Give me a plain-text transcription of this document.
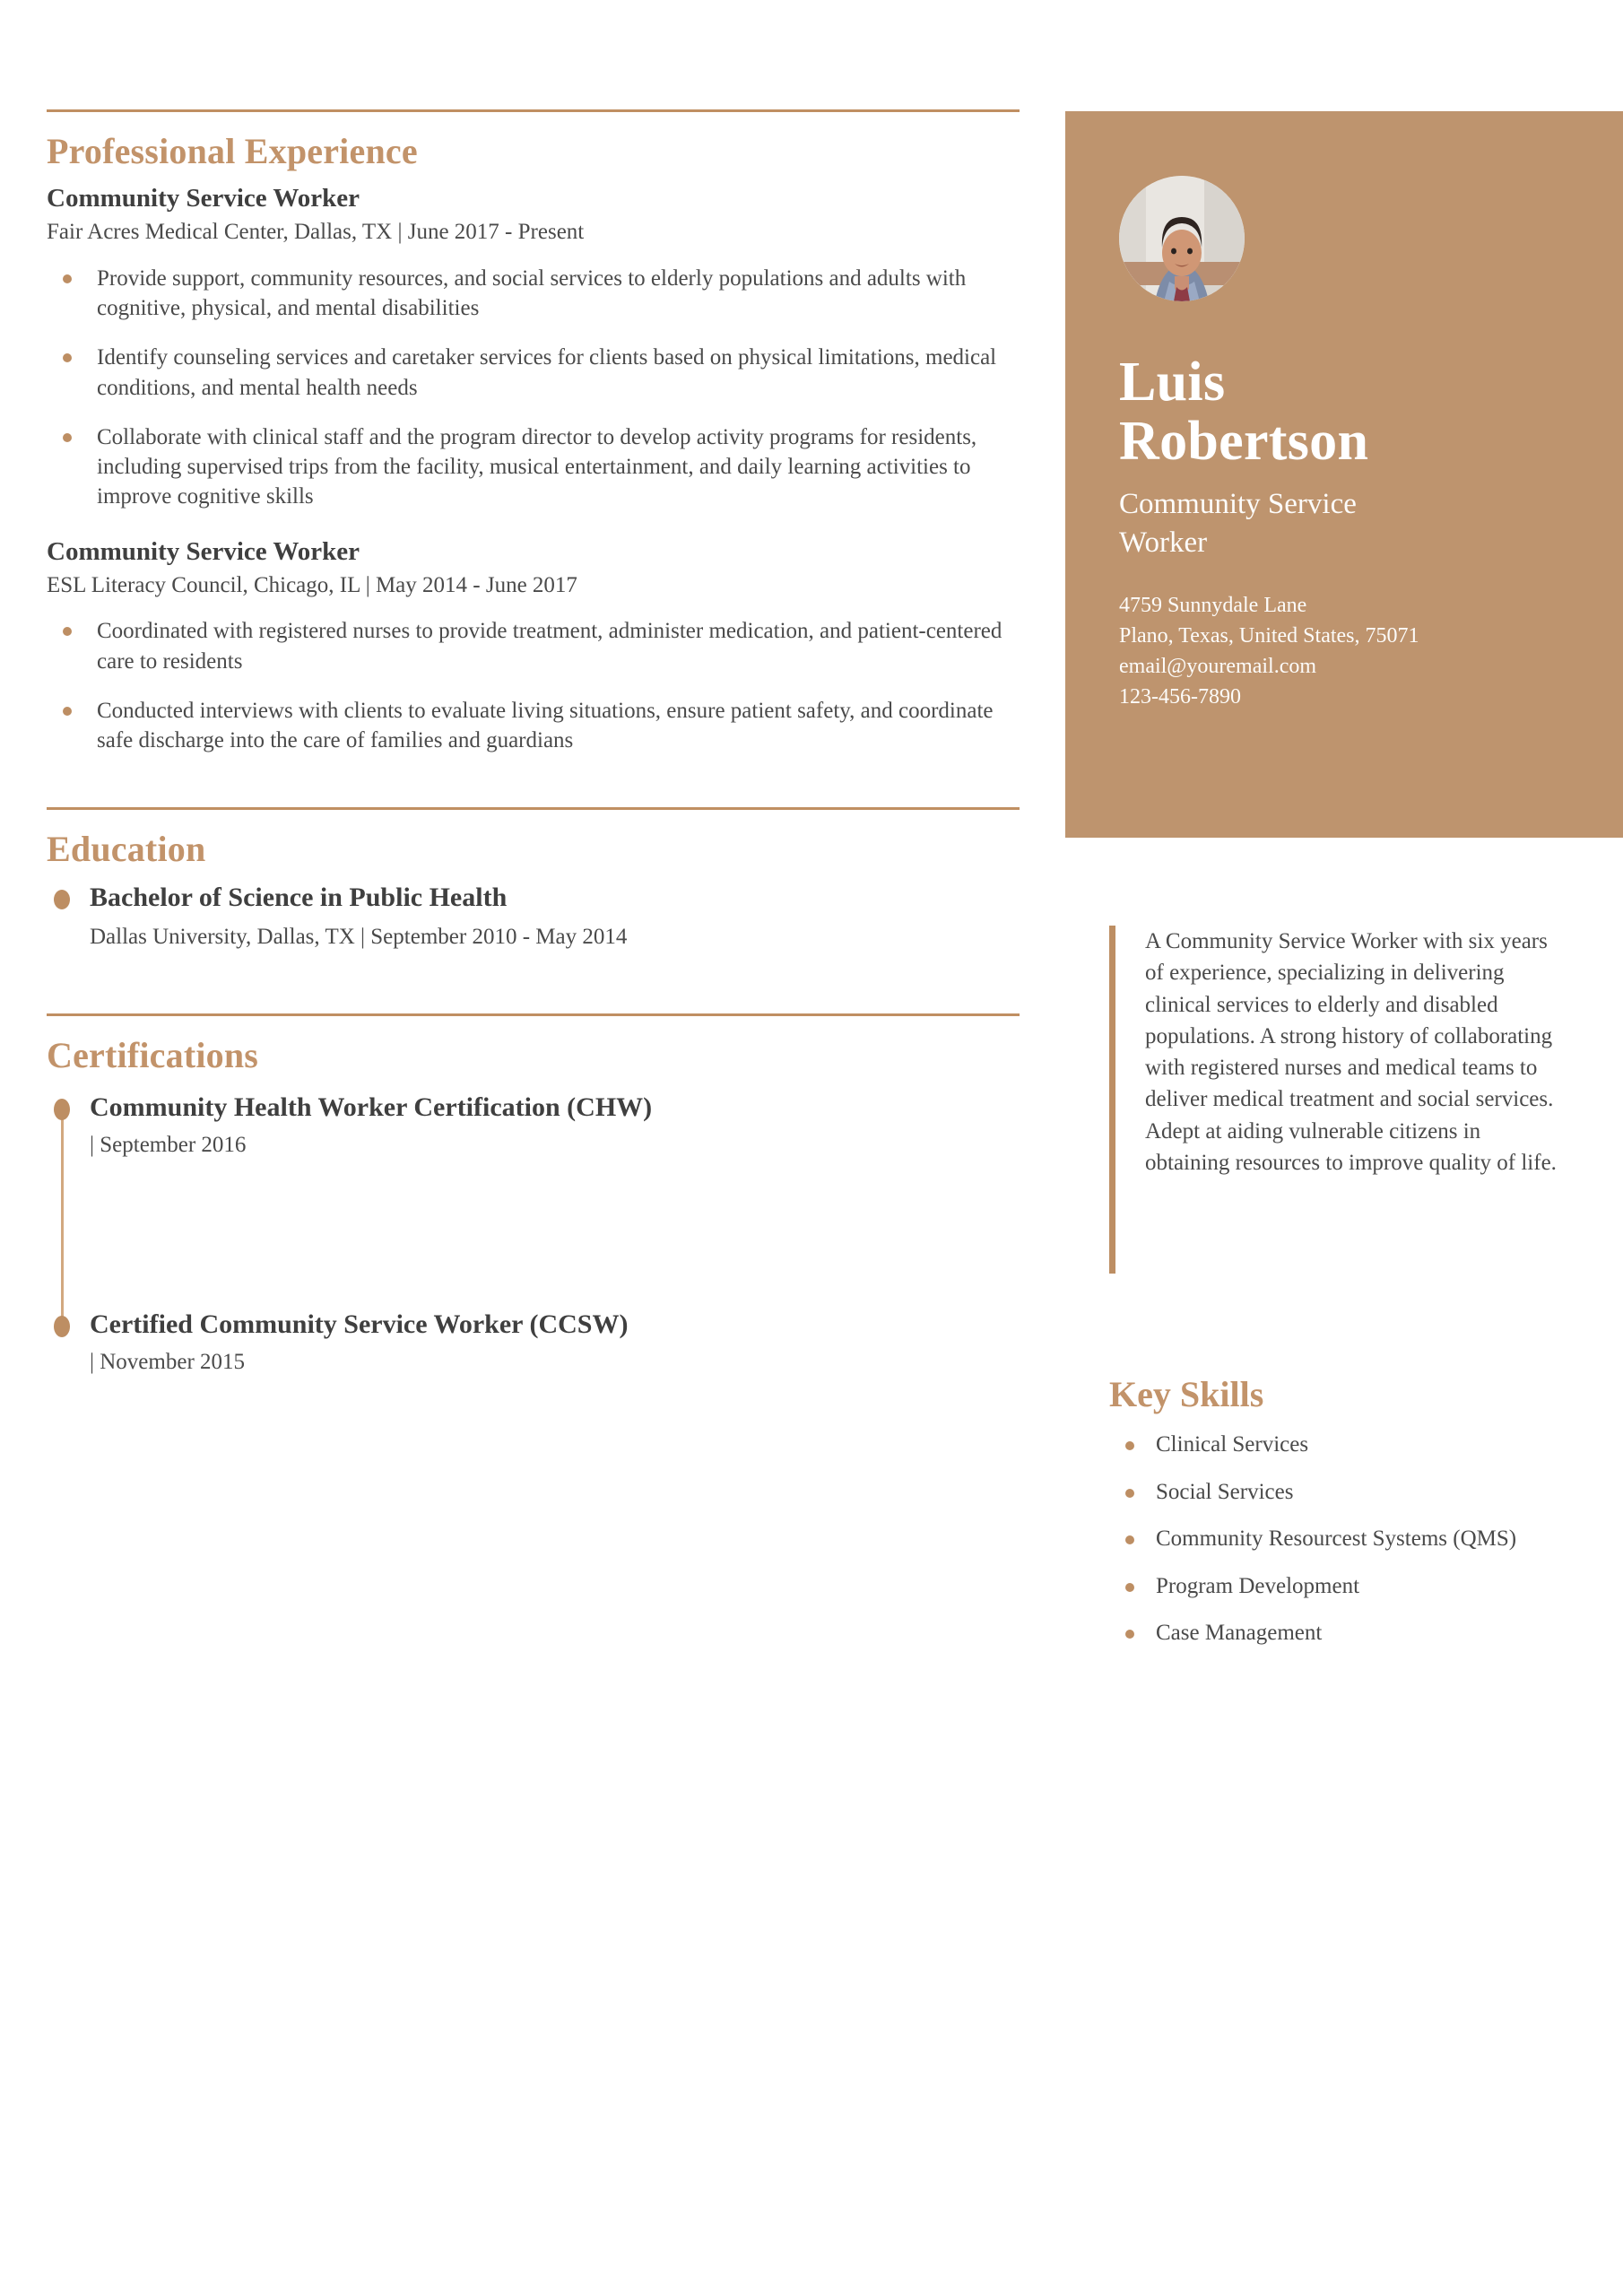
Professional Experience
Community Service Worker
Fair Acres Medical Center, Dallas, TX | June 2017 - Present
Provide support, community resources, and social services to elderly populations and adults with cognitive, physical, and mental disabilities
Identify counseling services and caretaker services for clients based on physical limitations, medical conditions, and mental health needs
Collaborate with clinical staff and the program director to develop activity programs for residents, including supervised trips from the facility, musical entertainment, and daily learning activities to improve cognitive skills
Community Service Worker
ESL Literacy Council, Chicago, IL | May 2014 - June 2017
Coordinated with registered nurses to provide treatment, administer medication, and patient-centered care to residents
Conducted interviews with clients to evaluate living situations, ensure patient safety, and coordinate safe discharge into the care of families and guardians
Education
Bachelor of Science in Public Health
Dallas University, Dallas, TX | September 2010 - May 2014
Certifications
Community Health Worker Certification (CHW)
| September 2016
Certified Community Service Worker (CCSW)
| November 2015
Luis
Robertson
Community Service
Worker
4759 Sunnydale Lane
Plano, Texas, United States, 75071
email@youremail.com
123-456-7890
A Community Service Worker with six years of experience, specializing in delivering clinical services to elderly and disabled populations. A strong history of collaborating with registered nurses and medical teams to deliver medical treatment and social services. Adept at aiding vulnerable citizens in obtaining resources to improve quality of life.
Key Skills
Clinical Services
Social Services
Community Resourcest Systems (QMS)
Program Development
Case Management
